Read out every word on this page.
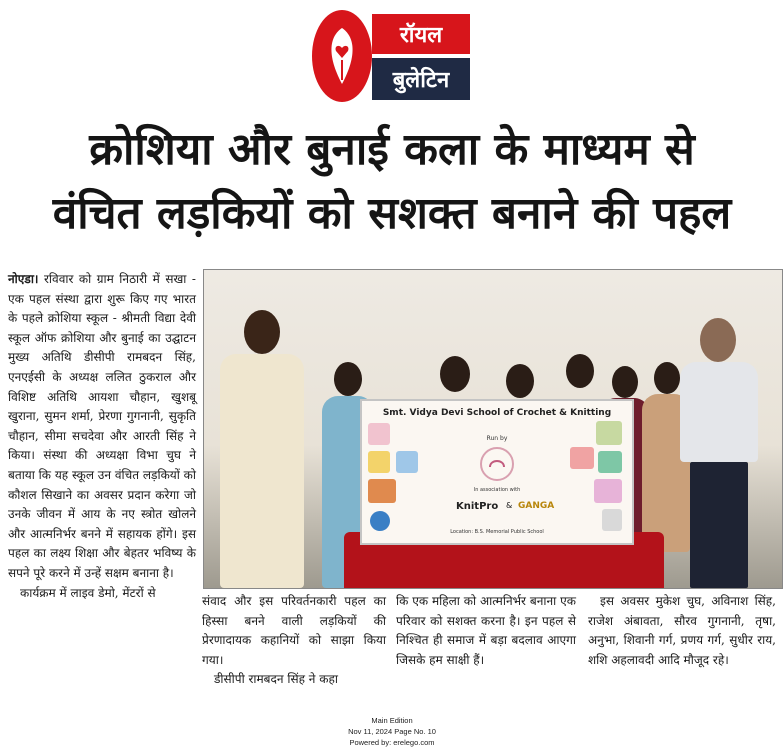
रॉयल
बुलेटिन
क्रोशिया और बुनाई कला के माध्यम से
वंचित लड़कियों को सशक्त बनाने की पहल
Smt. Vidya Devi School of Crochet & Knitting
Run by
In association with
KnitPro & GANGA
Location: B.S. Memorial Public School

नोएडा। रविवार को ग्राम निठारी में सखा - एक पहल संस्था द्वारा शुरू किए गए भारत के पहले क्रोशिया स्कूल - श्रीमती विद्या देवी स्कूल ऑफ क्रोशिया और बुनाई का उद्घाटन मुख्य अतिथि डीसीपी रामबदन सिंह, एनएईसी के अध्यक्ष ललित ठुकराल और विशिष्ट अतिथि आयशा चौहान, खुशबू खुराना, सुमन शर्मा, प्रेरणा गुगनानी, सुकृति चौहान, सीमा सचदेवा और आरती सिंह ने किया। संस्था की अध्यक्षा विभा चुघ ने बताया कि यह स्कूल उन वंचित लड़कियों को कौशल सिखाने का अवसर प्रदान करेगा जो उनके जीवन में आय के नए स्त्रोत खोलने और आत्मनिर्भर बनने में सहायक होंगे। इस पहल का लक्ष्य शिक्षा और बेहतर भविष्य के सपने पूरे करने में उन्हें सक्षम बनाना है।

कार्यक्रम में लाइव डेमो, मेंटरों से

संवाद और इस परिवर्तनकारी पहल का हिस्सा बनने वाली लड़कियों की प्रेरणादायक कहानियों को साझा किया गया।

डीसीपी रामबदन सिंह ने कहा

कि एक महिला को आत्मनिर्भर बनाना एक परिवार को सशक्त करना है। इन पहल से निश्चित ही समाज में बड़ा बदलाव आएगा जिसके हम साक्षी हैं।

इस अवसर मुकेश चुघ, अविनाश सिंह, राजेश अंबावता, सौरव गुगनानी, तृषा, अनुभा, शिवानी गर्ग, प्रणय गर्ग, सुधीर राय, शशि अहलावदी आदि मौजूद रहे।

Main Edition
Nov 11, 2024 Page No. 10
Powered by: erelego.com
